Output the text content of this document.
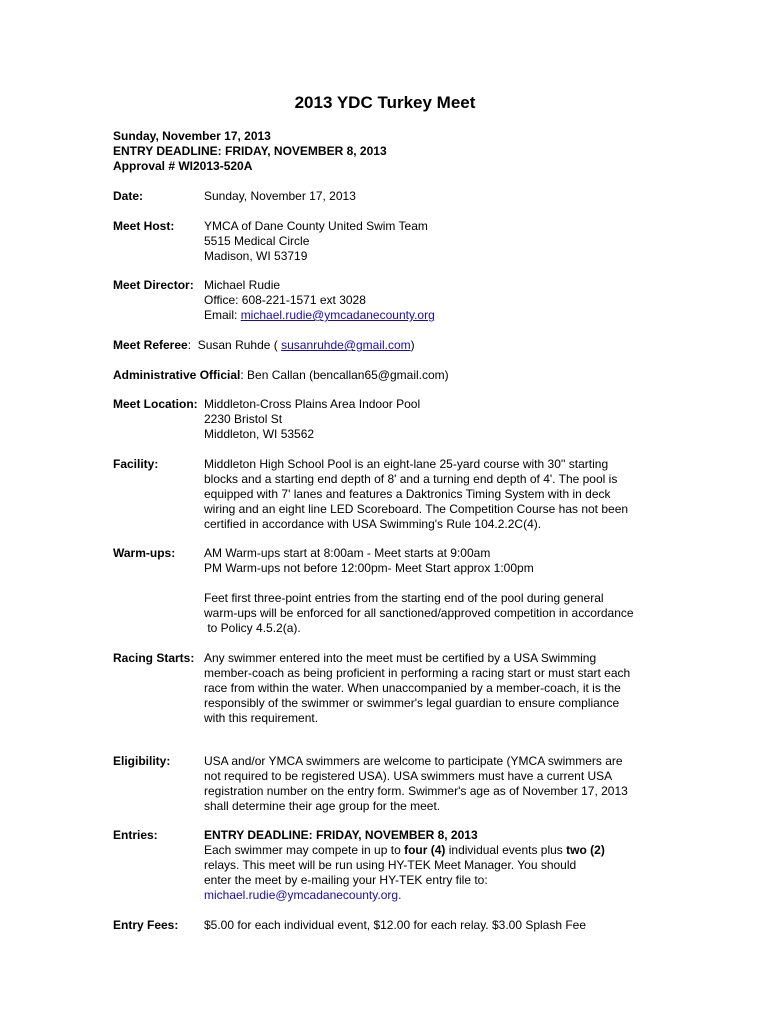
2013 YDC Turkey Meet

Sunday, November 17, 2013

ENTRY DEADLINE: FRIDAY, NOVEMBER 8, 2013

Approval # WI2013-520A

Date:	Sunday, November 17, 2013

Meet Host: YMCA of Dane County United Swim Team

5515 Medical Circle

Madison, WI 53719

Meet Director: Michael Rudie

Office: 608-221-1571 ext 3028

Email: michael.rudie@ymcadanecounty.org

Meet Referee:  Susan Ruhde ( susanruhde@gmail.com)
Administrative Official: Ben Callan (bencallan65@gmail.com)
Meet Location: Middleton-Cross Plains Area Indoor Pool

2230 Bristol St

Middleton, WI 53562

Facility:	Middleton High School Pool is an eight-lane 25-yard course with 30'' starting

blocks and a starting end depth of 8' and a turning end depth of 4'. The pool is

equipped with 7' lanes and features a Daktronics Timing System with in deck

wiring and an eight line LED Scoreboard. The Competition Course has not been

certified in accordance with USA Swimming's Rule 104.2.2C(4).

Warm-ups: AM Warm-ups start at 8:00am - Meet starts at 9:00am

PM Warm-ups not before 12:00pm- Meet Start approx 1:00pm

Feet first three-point entries from the starting end of the pool during general

warm-ups will be enforced for all sanctioned/approved competition in accordance

to Policy 4.5.2(a).

Racing Starts: Any swimmer entered into the meet must be certified by a USA Swimming

member-coach as being proficient in performing a racing start or must start each

race from within the water. When unaccompanied by a member-coach, it is the

responsibly of the swimmer or swimmer's legal guardian to ensure compliance

with this requirement.

Eligibility:	USA and/or YMCA swimmers are welcome to participate (YMCA swimmers are

not required to be registered USA). USA swimmers must have a current USA

registration number on the entry form. Swimmer's age as of November 17, 2013

shall determine their age group for the meet.

Entries:	ENTRY DEADLINE: FRIDAY, NOVEMBER 8, 2013

Each swimmer may compete in up to four (4) individual events plus two (2)

relays. This meet will be run using HY-TEK Meet Manager. You should

enter the meet by e-mailing your HY-TEK entry file to:

michael.rudie@ymcadanecounty.org.

Entry Fees: $5.00 for each individual event, $12.00 for each relay. $3.00 Splash Fee
